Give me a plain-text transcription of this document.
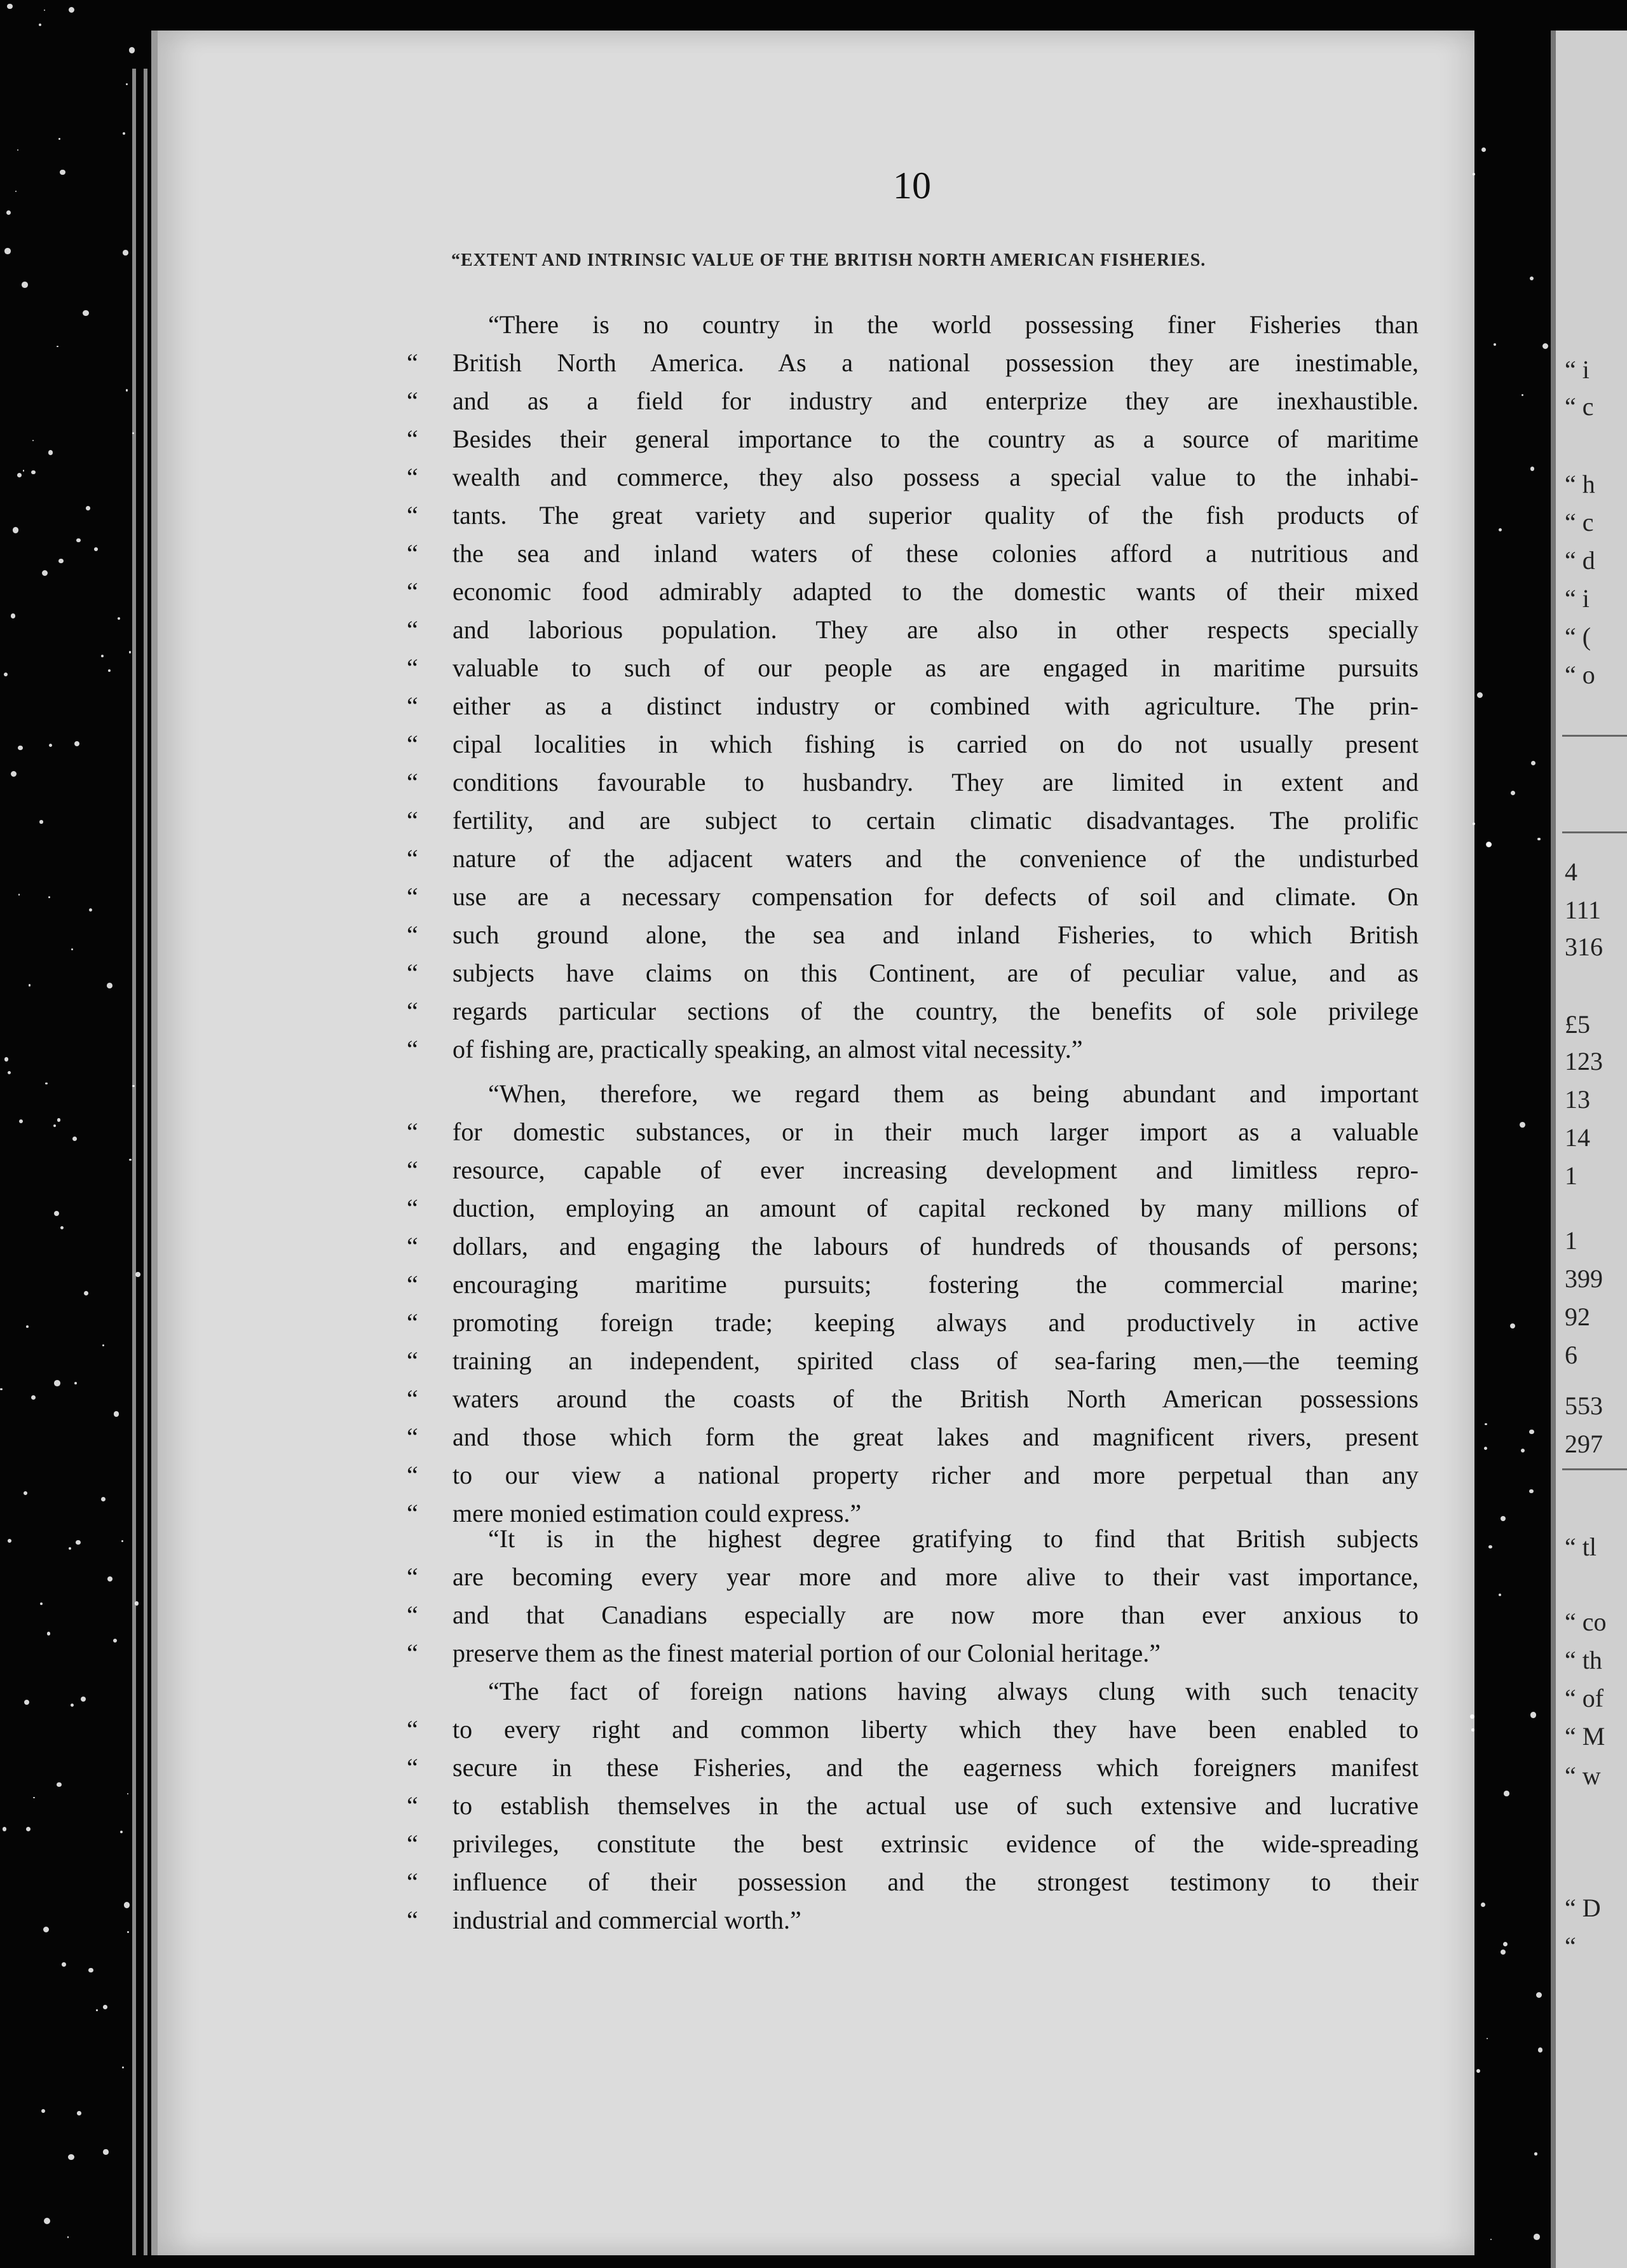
10
“EXTENT AND INTRINSIC VALUE OF THE BRITISH NORTH AMERICAN FISHERIES.
“There is no country in the world possessing finer Fisheries than
“	British North America. As a national possession they are inestimable,
“	and as a field for industry and enterprize they are inexhaustible.
“	Besides their general importance to the country as a source of maritime
“	wealth and commerce, they also possess a special value to the inhabi-
“	tants. The great variety and superior quality of the fish products of
“	the sea and inland waters of these colonies afford a nutritious and
“	economic food admirably adapted to the domestic wants of their mixed
“	and laborious population. They are also in other respects specially
“	valuable to such of our people as are engaged in maritime pursuits
“	either as a distinct industry or combined with agriculture. The prin-
“	cipal localities in which fishing is carried on do not usually present
“	conditions favourable to husbandry. They are limited in extent and
“	fertility, and are subject to certain climatic disadvantages. The prolific
“	nature of the adjacent waters and the convenience of the undisturbed
“	use are a necessary compensation for defects of soil and climate. On
“	such ground alone, the sea and inland Fisheries, to which British
“	subjects have claims on this Continent, are of peculiar value, and as
“	regards particular sections of the country, the benefits of sole privilege
“	of fishing are, practically speaking, an almost vital necessity.”
“When, therefore, we regard them as being abundant and important
“	for domestic substances, or in their much larger import as a valuable
“	resource, capable of ever increasing development and limitless repro-
“	duction, employing an amount of capital reckoned by many millions of
“	dollars, and engaging the labours of hundreds of thousands of persons;
“	encouraging maritime pursuits; fostering the commercial marine;
“	promoting foreign trade; keeping always and productively in active
“	training an independent, spirited class of sea-faring men,—the teeming
“	waters around the coasts of the British North American possessions
“	and those which form the great lakes and magnificent rivers, present
“	to our view a national property richer and more perpetual than any
“	mere monied estimation could express.”
“It is in the highest degree gratifying to find that British subjects
“	are becoming every year more and more alive to their vast importance,
“	and that Canadians especially are now more than ever anxious to
“	preserve them as the finest material portion of our Colonial heritage.”
“The fact of foreign nations having always clung with such tenacity
“	to every right and common liberty which they have been enabled to
“	secure in these Fisheries, and the eagerness which foreigners manifest
“	to establish themselves in the actual use of such extensive and lucrative
“	privileges, constitute the best extrinsic evidence of the wide-spreading
“	influence of their possession and the strongest testimony to their
“	industrial and commercial worth.”
“ i
“ c
“ h
“ c
“ d
“ i
“ (
“ o
4
111
316
£5
123
13
14
1
1
399
92
6
553
297
“ tl
“ co
“ th
“ of
“ M
“ w
“ D
“
